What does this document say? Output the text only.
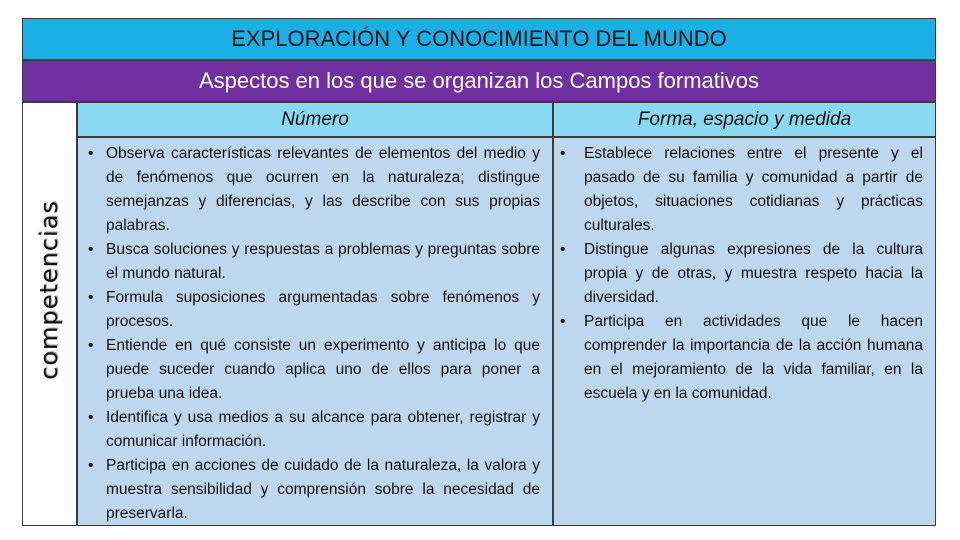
EXPLORACIÓN Y CONOCIMIENTO DEL MUNDO
Aspectos en los que se organizan los Campos formativos
competencias
Número	Forma, espacio y medida
• Observa características relevantes de elementos del medio y de fenómenos que ocurren en la naturaleza; distingue semejanzas y diferencias, y las describe con sus propias palabras.
• Busca soluciones y respuestas a problemas y preguntas sobre el mundo natural.
• Formula suposiciones argumentadas sobre fenómenos y procesos.
• Entiende en qué consiste un experimento y anticipa lo que puede suceder cuando aplica uno de ellos para poner a prueba una idea.
• Identifica y usa medios a su alcance para obtener, registrar y comunicar información.
• Participa en acciones de cuidado de la naturaleza, la valora y muestra sensibilidad y comprensión sobre la necesidad de preservarla.
• Establece relaciones entre el presente y el pasado de su familia y comunidad a partir de objetos, situaciones cotidianas y prácticas culturales.
• Distingue algunas expresiones de la cultura propia y de otras, y muestra respeto hacia la diversidad.
• Participa en actividades que le hacen comprender la importancia de la acción humana en el mejoramiento de la vida familiar, en la escuela y en la comunidad.
